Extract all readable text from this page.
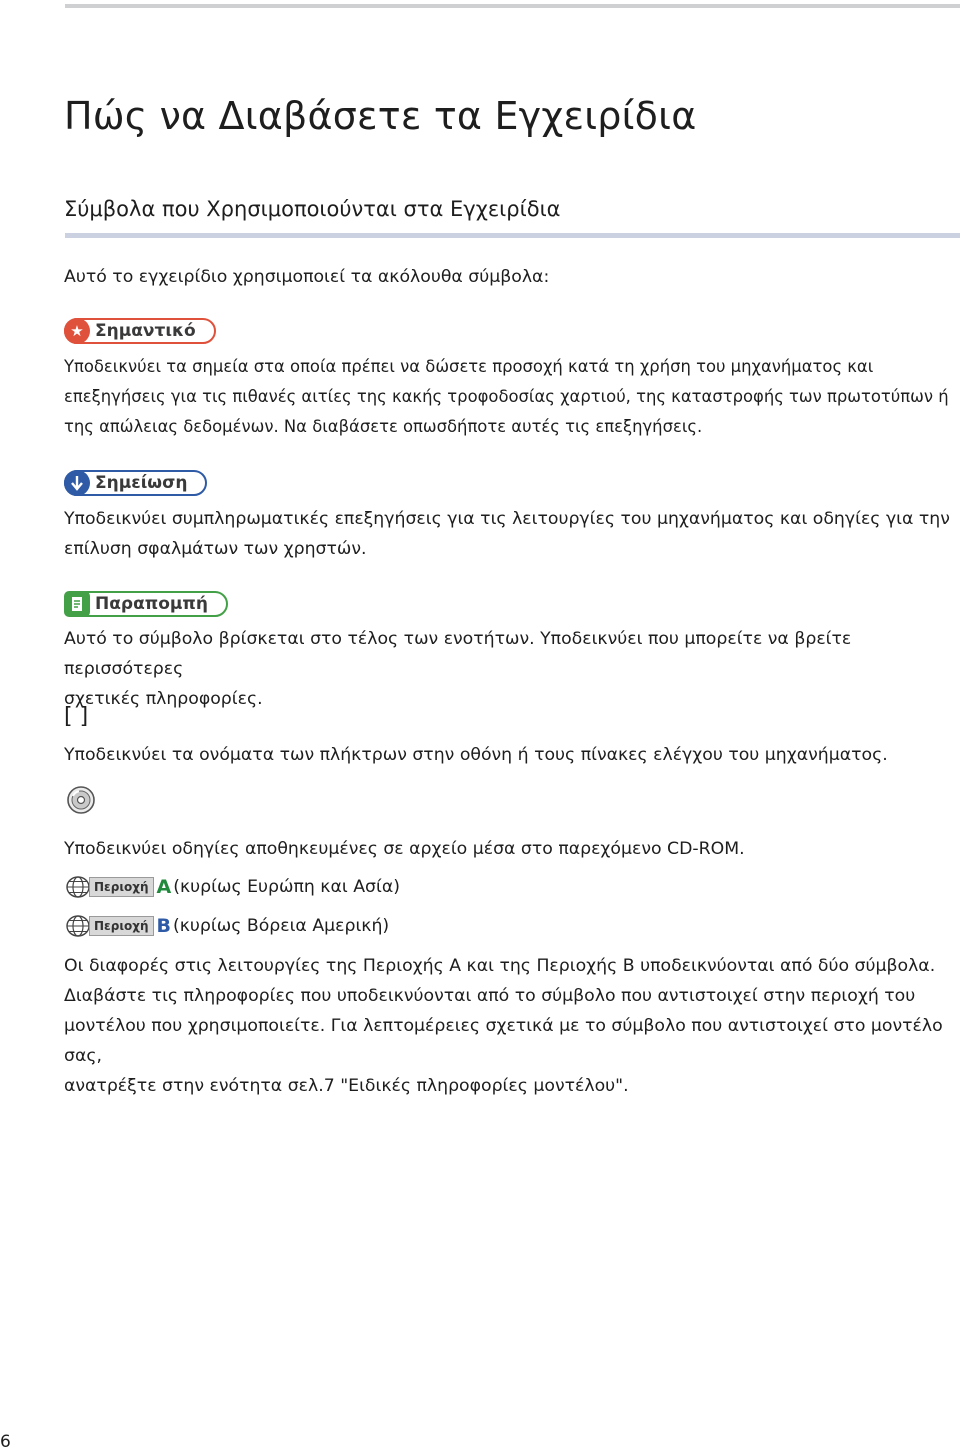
Πώς να Διαβάσετε τα Εγχειρίδια
Σύμβολα που Χρησιμοποιούνται στα Εγχειρίδια

Αυτό το εγχειρίδιο χρησιμοποιεί τα ακόλουθα σύμβολα:

★ Σημαντικό
Υποδεικνύει τα σημεία στα οποία πρέπει να δώσετε προσοχή κατά τη χρήση του μηχανήματος και
επεξηγήσεις για τις πιθανές αιτίες της κακής τροφοδοσίας χαρτιού, της καταστροφής των πρωτοτύπων ή
της απώλειας δεδομένων. Να διαβάσετε οπωσδήποτε αυτές τις επεξηγήσεις.
Σημείωση
Υποδεικνύει συμπληρωματικές επεξηγήσεις για τις λειτουργίες του μηχανήματος και οδηγίες για την
επίλυση σφαλμάτων των χρηστών.
Παραπομπή
Αυτό το σύμβολο βρίσκεται στο τέλος των ενοτήτων. Υποδεικνύει που μπορείτε να βρείτε περισσότερες
σχετικές πληροφορίες.

[ ]

Υποδεικνύει τα ονόματα των πλήκτρων στην οθόνη ή τους πίνακες ελέγχου του μηχανήματος.

Υποδεικνύει οδηγίες αποθηκευμένες σε αρχείο μέσα στο παρεχόμενο CD-ROM.

Περιοχή A (κυρίως Ευρώπη και Ασία)
Περιοχή B (κυρίως Βόρεια Αμερική)
Οι διαφορές στις λειτουργίες της Περιοχής A και της Περιοχής B υποδεικνύονται από δύο σύμβολα.
Διαβάστε τις πληροφορίες που υποδεικνύονται από το σύμβολο που αντιστοιχεί στην περιοχή του
μοντέλου που χρησιμοποιείτε. Για λεπτομέρειες σχετικά με το σύμβολο που αντιστοιχεί στο μοντέλο σας,
ανατρέξτε στην ενότητα σελ.7 "Ειδικές πληροφορίες μοντέλου".
6
